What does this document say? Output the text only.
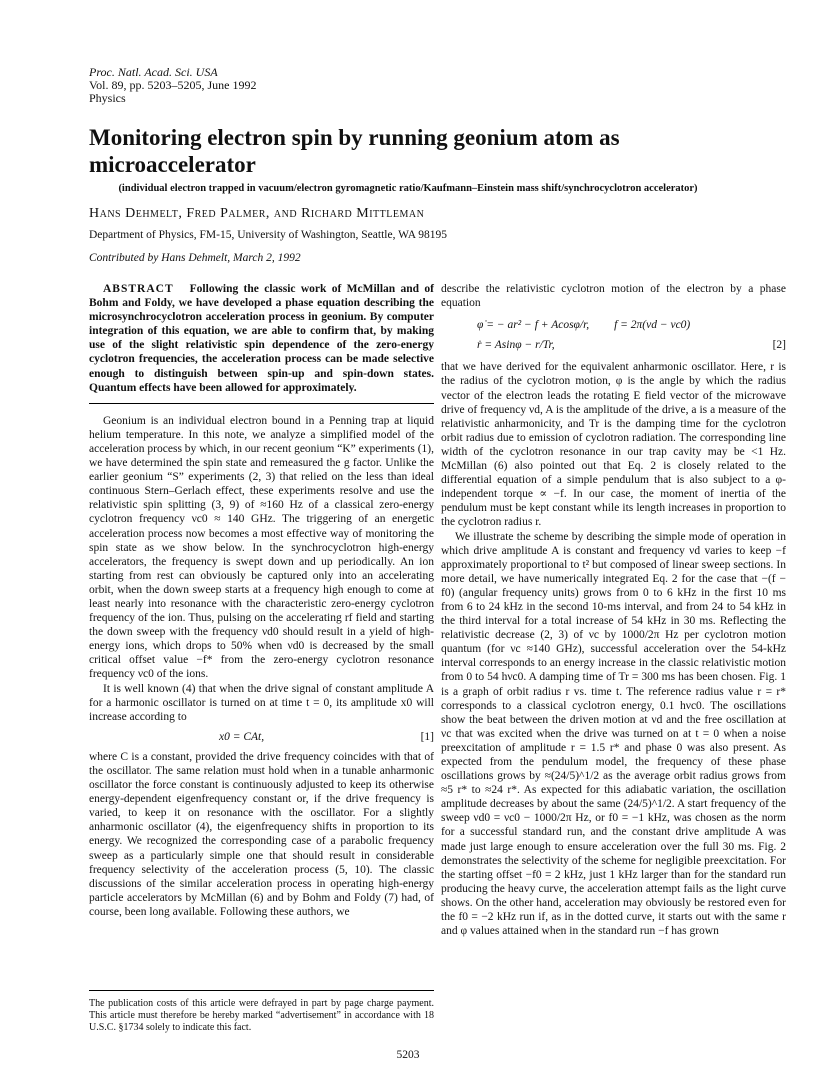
Proc. Natl. Acad. Sci. USA
Vol. 89, pp. 5203–5205, June 1992
Physics
Monitoring electron spin by running geonium atom as microaccelerator
(individual electron trapped in vacuum/electron gyromagnetic ratio/Kaufmann–Einstein mass shift/synchrocyclotron accelerator)
Hans Dehmelt, Fred Palmer, and Richard Mittleman
Department of Physics, FM-15, University of Washington, Seattle, WA 98195
Contributed by Hans Dehmelt, March 2, 1992

ABSTRACT Following the classic work of McMillan and of Bohm and Foldy, we have developed a phase equation describing the microsynchrocyclotron acceleration process in geonium. By computer integration of this equation, we are able to confirm that, by making use of the slight relativistic spin dependence of the zero-energy cyclotron frequencies, the acceleration process can be made selective enough to distinguish between spin-up and spin-down states. Quantum effects have been allowed for approximately.

Geonium is an individual electron bound in a Penning trap at liquid helium temperature. In this note, we analyze a simplified model of the acceleration process by which, in our recent geonium “K” experiments (1), we have determined the spin state and remeasured the g factor. Unlike the earlier geonium “S” experiments (2, 3) that relied on the less than ideal continuous Stern–Gerlach effect, these experiments resolve and use the relativistic spin splitting (3, 9) of ≈160 Hz of a classical zero-energy cyclotron frequency νc0 ≈ 140 GHz. The triggering of an energetic acceleration process now becomes a most effective way of monitoring the spin state as we show below. In the synchrocyclotron high-energy accelerators, the frequency is swept down and up periodically. An ion starting from rest can obviously be captured only into an accelerating orbit, when the down sweep starts at a frequency high enough to come at least nearly into resonance with the characteristic zero-energy cyclotron frequency of the ion. Thus, pulsing on the accelerating rf field and starting the down sweep with the frequency νd0 should result in a yield of high-energy ions, which drops to 50% when νd0 is decreased by the small critical offset value −f* from the zero-energy cyclotron resonance frequency νc0 of the ions.

It is well known (4) that when the drive signal of constant amplitude A for a harmonic oscillator is turned on at time t = 0, its amplitude x0 will increase according to

x0 = CAt,	[1]

where C is a constant, provided the drive frequency coincides with that of the oscillator. The same relation must hold when in a tunable anharmonic oscillator the force constant is continuously adjusted to keep its otherwise energy-dependent eigenfrequency constant or, if the drive frequency is varied, to keep it on resonance with the oscillator. For a slightly anharmonic oscillator (4), the eigenfrequency shifts in proportion to its energy. We recognized the corresponding case of a parabolic frequency sweep as a particularly simple one that should result in considerable frequency selectivity of the acceleration process (5, 10). The classic discussions of the similar acceleration process in operating high-energy particle accelerators by McMillan (6) and by Bohm and Foldy (7) had, of course, been long available. Following these authors, we

describe the relativistic cyclotron motion of the electron by a phase equation

φ̇ = − ar² − f + Acosφ/r, f = 2π(νd − νc0)
ṙ = Asinφ − r/Tr,	[2]

that we have derived for the equivalent anharmonic oscillator. Here, r is the radius of the cyclotron motion, φ is the angle by which the radius vector of the electron leads the rotating E field vector of the microwave drive of frequency νd, A is the amplitude of the drive, a is a measure of the relativistic anharmonicity, and Tr is the damping time for the cyclotron orbit radius due to emission of cyclotron radiation. The corresponding line width of the cyclotron resonance in our trap cavity may be <1 Hz. McMillan (6) also pointed out that Eq. 2 is closely related to the differential equation of a simple pendulum that is also subject to a φ-independent torque ∝ −f. In our case, the moment of inertia of the pendulum must be kept constant while its length increases in proportion to the cyclotron radius r.

We illustrate the scheme by describing the simple mode of operation in which drive amplitude A is constant and frequency νd varies to keep −f approximately proportional to t² but composed of linear sweep sections. In more detail, we have numerically integrated Eq. 2 for the case that −(f − f0) (angular frequency units) grows from 0 to 6 kHz in the first 10 ms from 6 to 24 kHz in the second 10-ms interval, and from 24 to 54 kHz in the third interval for a total increase of 54 kHz in 30 ms. Reflecting the relativistic decrease (2, 3) of νc by 1000/2π Hz per cyclotron motion quantum (for νc ≈140 GHz), successful acceleration over the 54-kHz interval corresponds to an energy increase in the classic relativistic motion from 0 to 54 hνc0. A damping time of Tr = 300 ms has been chosen. Fig. 1 is a graph of orbit radius r vs. time t. The reference radius value r = r* corresponds to a classical cyclotron energy, 0.1 hνc0. The oscillations show the beat between the driven motion at νd and the free oscillation at νc that was excited when the drive was turned on at t = 0 when a noise preexcitation of amplitude r = 1.5 r* and phase 0 was also present. As expected from the pendulum model, the frequency of these phase oscillations grows by ≈(24/5)^1/2 as the average orbit radius grows from ≈5 r* to ≈24 r*. As expected for this adiabatic variation, the oscillation amplitude decreases by about the same (24/5)^1/2. A start frequency of the sweep νd0 = νc0 − 1000/2π Hz, or f0 = −1 kHz, was chosen as the norm for a successful standard run, and the constant drive amplitude A was made just large enough to ensure acceleration over the full 30 ms. Fig. 2 demonstrates the selectivity of the scheme for negligible preexcitation. For the starting offset −f0 = 2 kHz, just 1 kHz larger than for the standard run producing the heavy curve, the acceleration attempt fails as the light curve shows. On the other hand, acceleration may obviously be restored even for the f0 = −2 kHz run if, as in the dotted curve, it starts out with the same r and φ values attained when in the standard run −f has grown

The publication costs of this article were defrayed in part by page charge payment. This article must therefore be hereby marked “advertisement” in accordance with 18 U.S.C. §1734 solely to indicate this fact.
5203
